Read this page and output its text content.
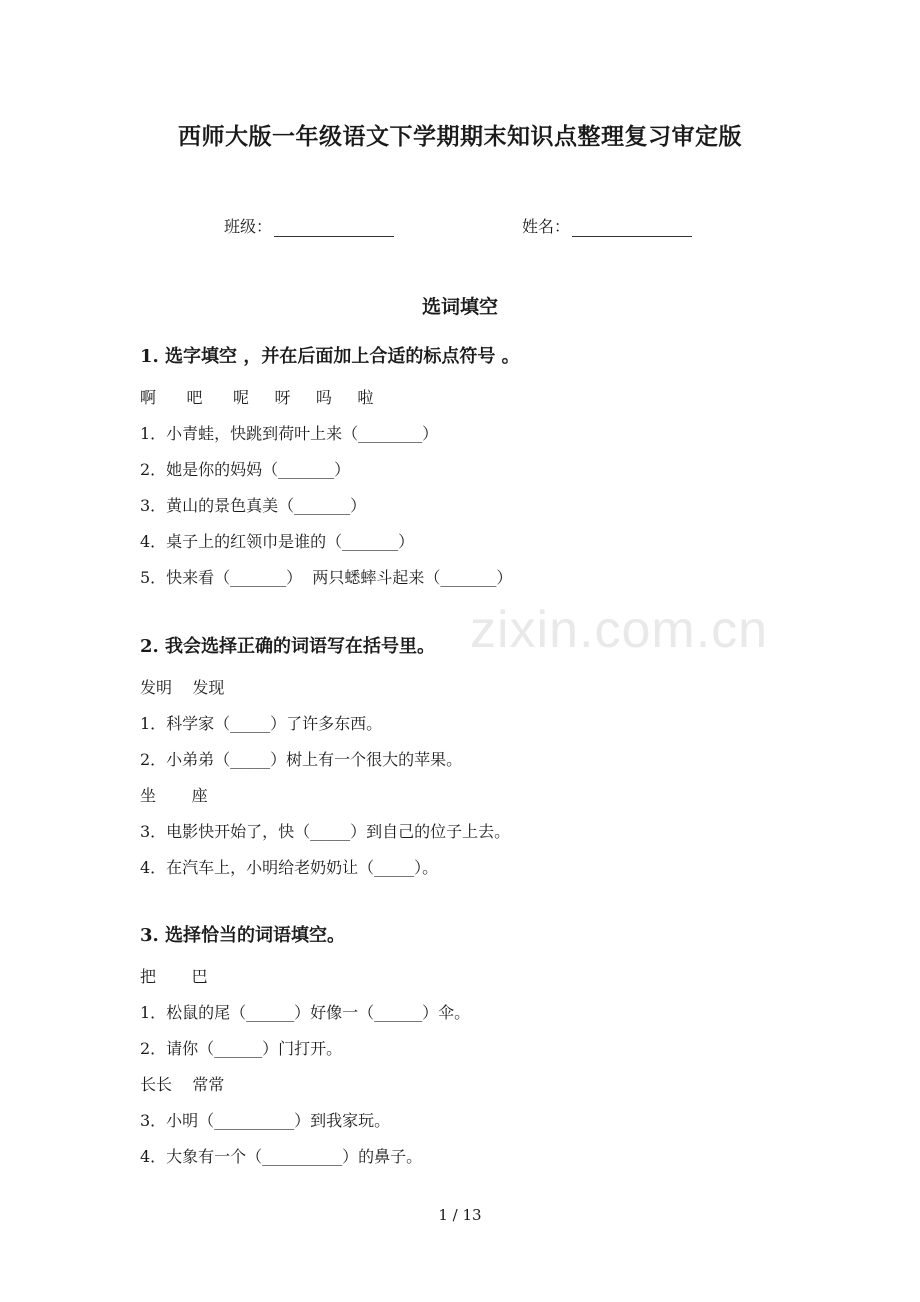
西师大版一年级语文下学期期末知识点整理复习审定版
班级：	姓名：
选词填空
1. 选字填空 ，并在后面加上合适的标点符号 。
啊      吧      呢     呀     吗     啦
1．小青蛙，快跳到荷叶上来（________）
2．她是你的妈妈（_______）
3．黄山的景色真美（_______）
4．桌子上的红领巾是谁的（_______）
5．快来看（_______）  两只蟋蟀斗起来（_______）
zixin.com.cn
2. 我会选择正确的词语写在括号里。
发明    发现
1．科学家（_____）了许多东西。
2．小弟弟（_____）树上有一个很大的苹果。
坐       座
3．电影快开始了，快（_____）到自己的位子上去。
4．在汽车上，小明给老奶奶让（_____）。
3. 选择恰当的词语填空。
把       巴
1．松鼠的尾（______）好像一（______）伞。
2．请你（______）门打开。
长长    常常
3．小明（__________）到我家玩。
4．大象有一个（__________）的鼻子。
1 / 13
